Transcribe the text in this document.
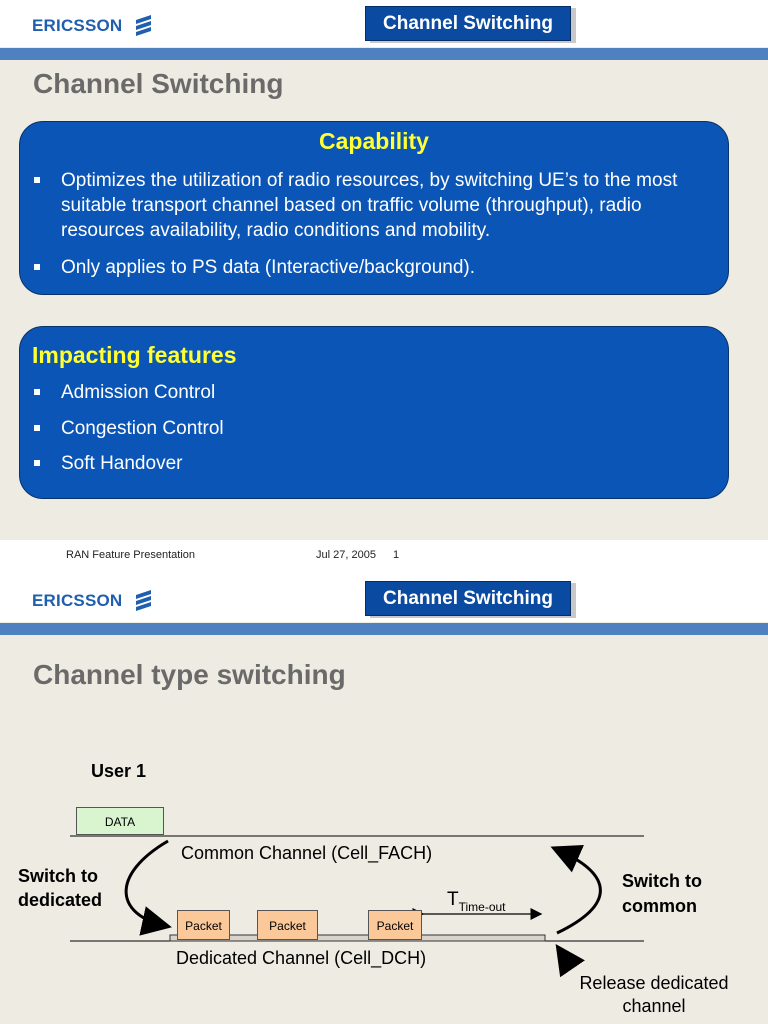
ERICSSON	Channel Switching
Channel Switching
Capability
Optimizes the utilization of radio resources, by switching UE’s to the most suitable transport channel based on traffic volume (throughput), radio resources availability, radio conditions and mobility.
Only applies to PS data (Interactive/background).
Impacting features
Admission Control
Congestion Control
Soft Handover
RAN Feature Presentation	Jul 27, 2005 1
ERICSSON	Channel Switching
Channel type switching
User 1
DATA
Common Channel (Cell_FACH)
Dedicated Channel (Cell_DCH)
Switch to
dedicated
Switch to
common
$T_{Time-out}$
Packet	Packet	Packet
Release dedicated
channel
